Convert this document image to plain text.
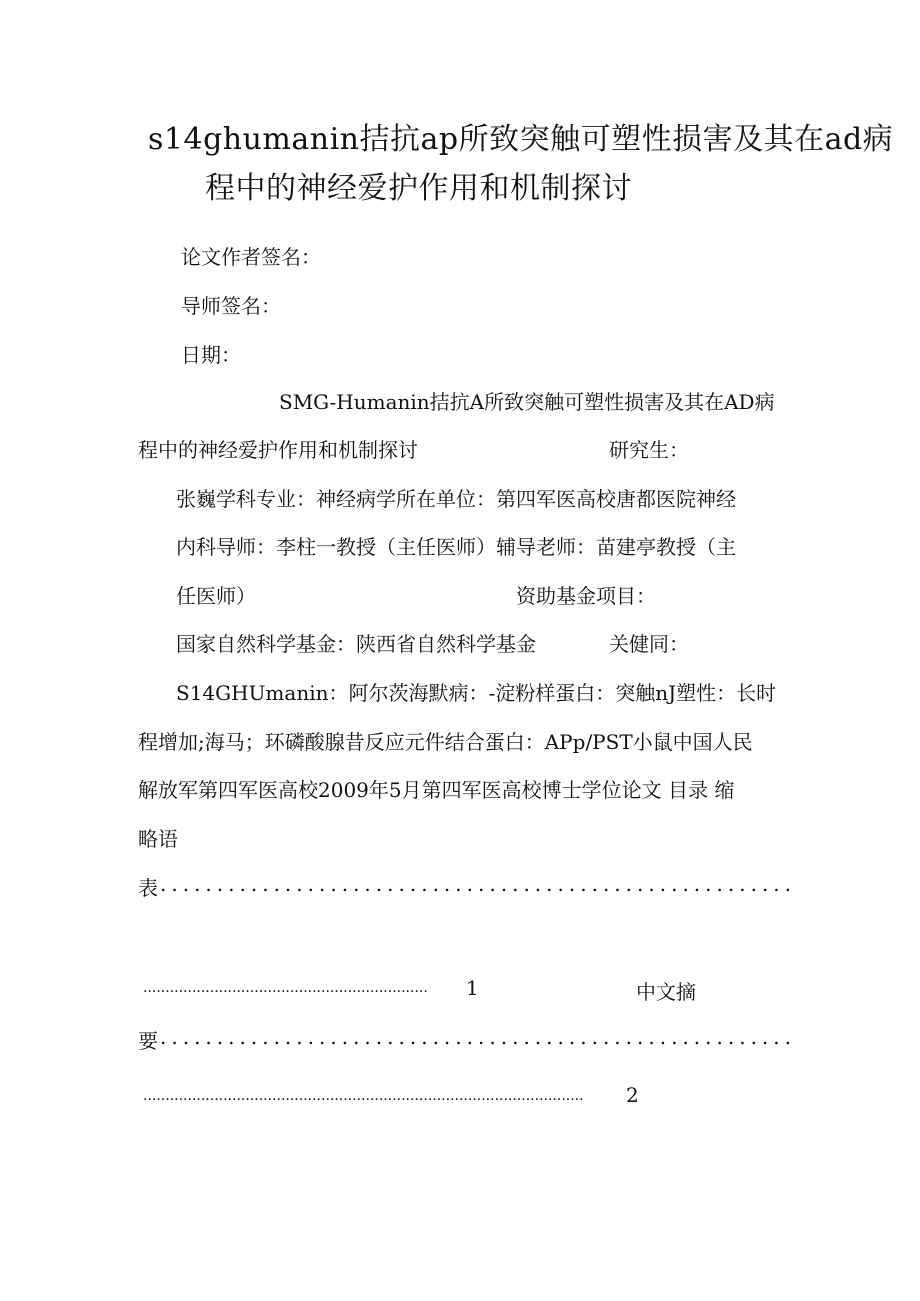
s14ghumanin拮抗ap所致突触可塑性损害及其在ad病
程中的神经爱护作用和机制探讨
论文作者签名：
导师签名：
日期：
SMG-Humanin拮抗A所致突触可塑性损害及其在AD病
程中的神经爱护作用和机制探讨	研究生：
张巍学科专业：神经病学所在单位：第四军医高校唐都医院神经
内科导师：李柱一教授（主任医师）辅导老师：苗建亭教授（主
任医师）	资助基金项目：
国家自然科学基金：陕西省自然科学基金	关健同：
S14GHUmanin：阿尔茨海默病：-淀粉样蛋白：突触nJ塑性：长时
程增加;海马；环磷酸腺昔反应元件结合蛋白：APp/PST小鼠中国人民
解放军第四军医高校2009年5月第四军医高校博士学位论文 目录 缩
略语
表 ........................................................
................................................................ 1	中文摘
要 ........................................................
................................................................................................... 2
